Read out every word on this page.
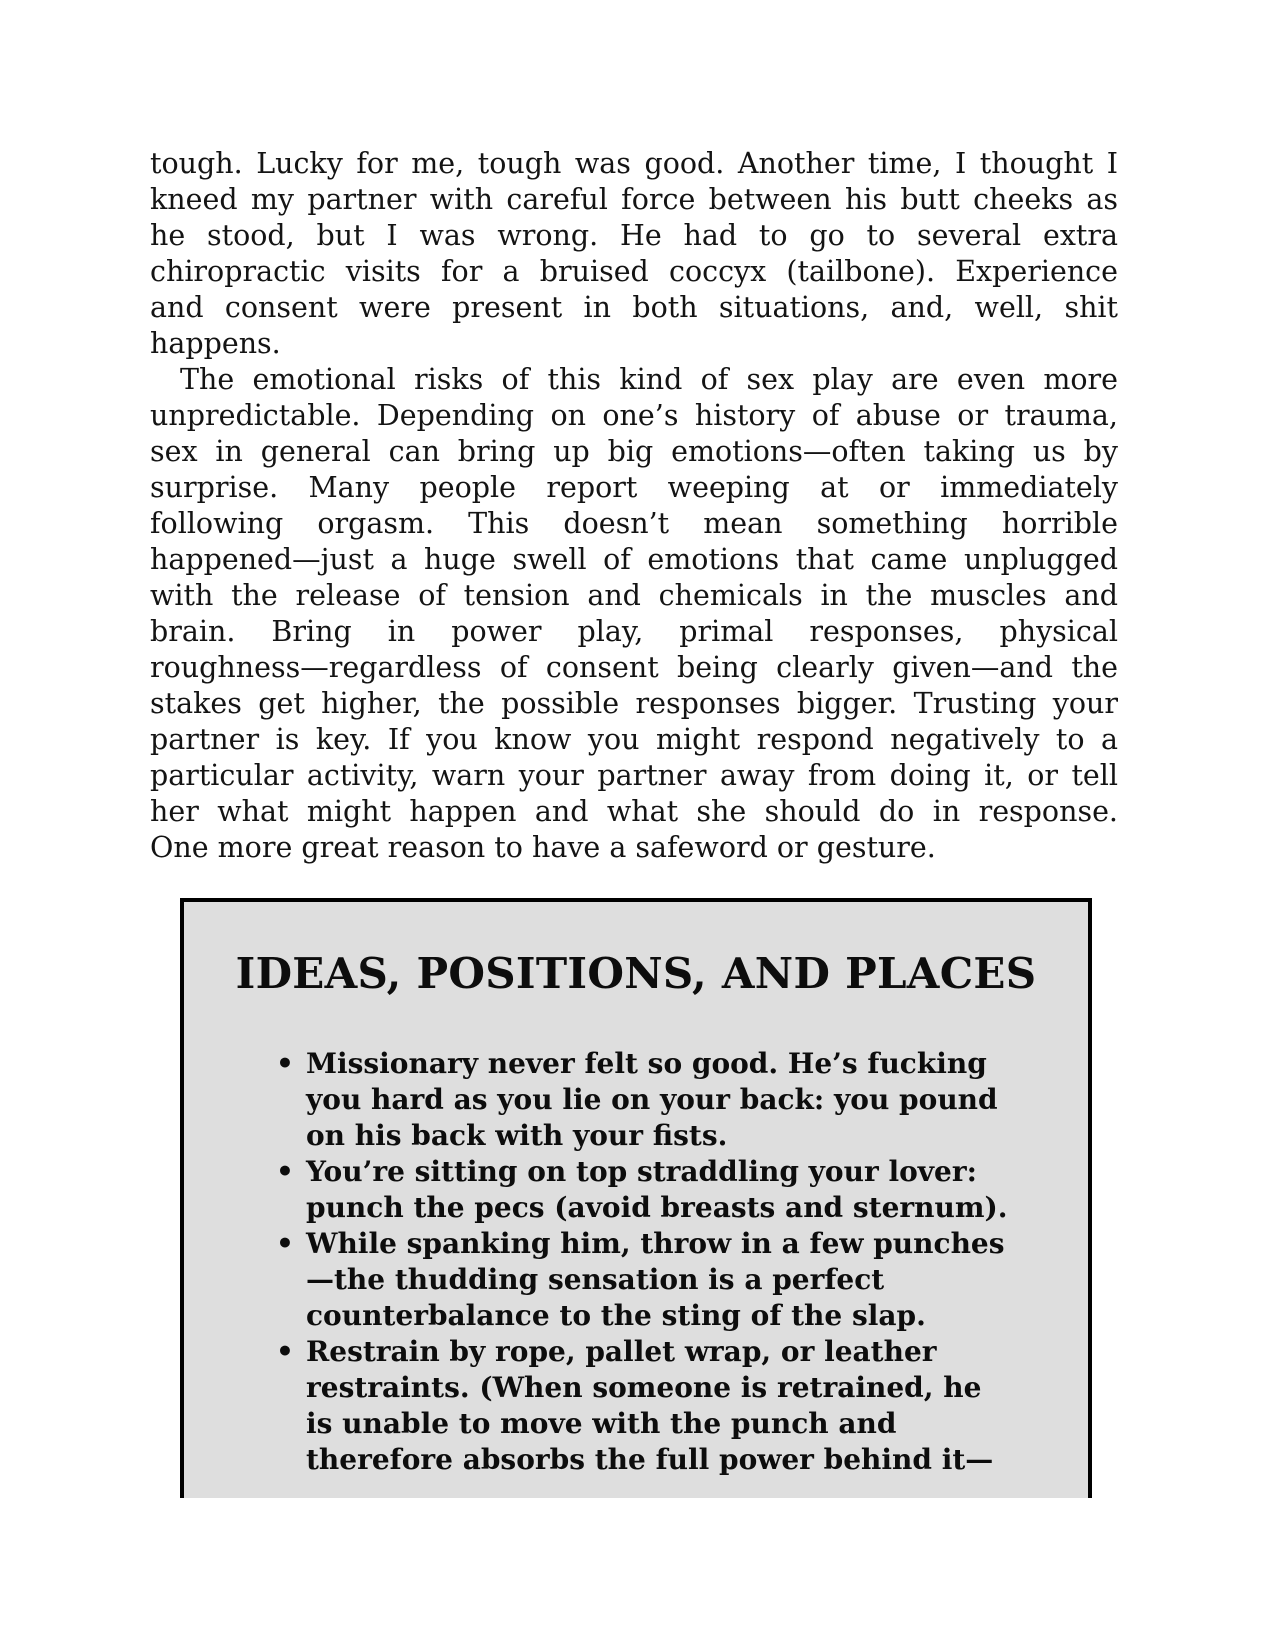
tough. Lucky for me, tough was good. Another time, I thought I
kneed my partner with careful force between his butt cheeks as
he stood, but I was wrong. He had to go to several extra
chiropractic visits for a bruised coccyx (tailbone). Experience
and consent were present in both situations, and, well, shit
happens.
The emotional risks of this kind of sex play are even more
unpredictable. Depending on one’s history of abuse or trauma,
sex in general can bring up big emotions—often taking us by
surprise. Many people report weeping at or immediately
following orgasm. This doesn’t mean something horrible
happened—just a huge swell of emotions that came unplugged
with the release of tension and chemicals in the muscles and
brain. Bring in power play, primal responses, physical
roughness—regardless of consent being clearly given—and the
stakes get higher, the possible responses bigger. Trusting your
partner is key. If you know you might respond negatively to a
particular activity, warn your partner away from doing it, or tell
her what might happen and what she should do in response.
One more great reason to have a safeword or gesture.
IDEAS, POSITIONS, AND PLACES
• Missionary never felt so good. He’s fucking
you hard as you lie on your back: you pound
on his back with your fists.
• You’re sitting on top straddling your lover:
punch the pecs (avoid breasts and sternum).
• While spanking him, throw in a few punches
—the thudding sensation is a perfect
counterbalance to the sting of the slap.
• Restrain by rope, pallet wrap, or leather
restraints. (When someone is retrained, he
is unable to move with the punch and
therefore absorbs the full power behind it—
